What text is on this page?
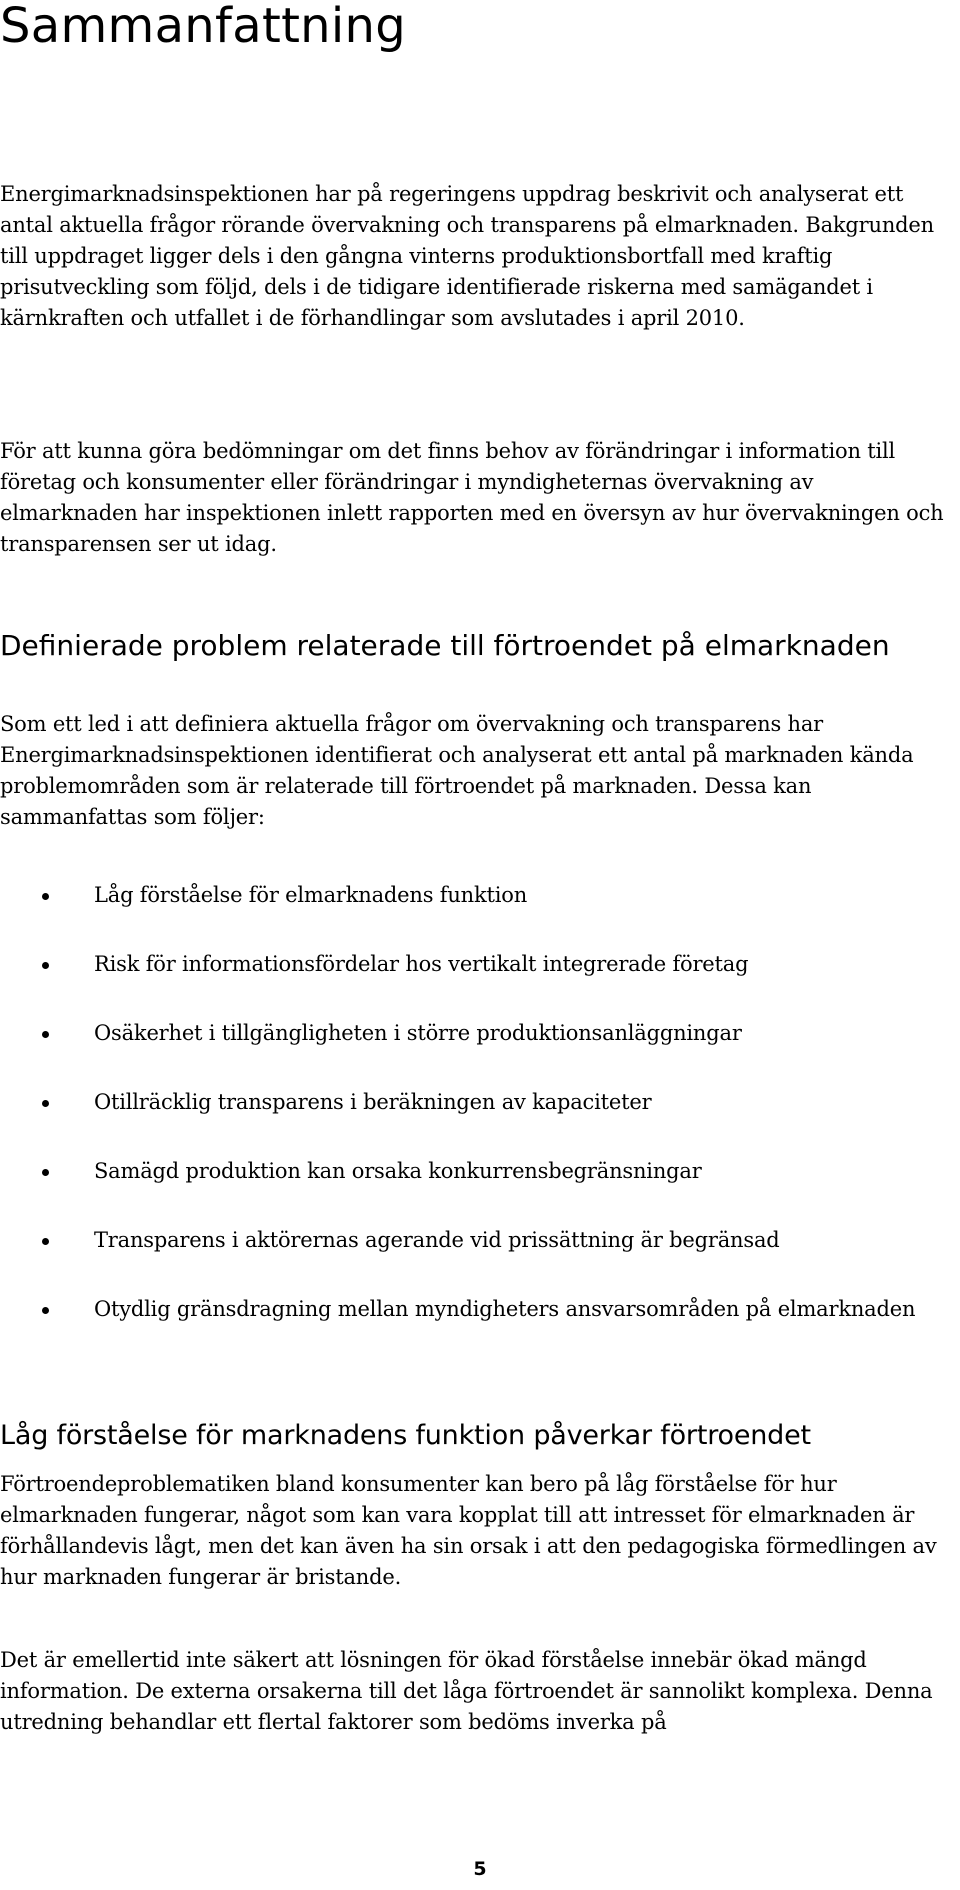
Sammanfattning

Energimarknadsinspektionen har på regeringens uppdrag beskrivit och analyserat ett antal aktuella frågor rörande övervakning och transparens på elmarknaden. Bakgrunden till uppdraget ligger dels i den gångna vinterns produktionsbortfall med kraftig prisutveckling som följd, dels i de tidigare identifierade riskerna med samägandet i kärnkraften och utfallet i de förhandlingar som avslutades i april 2010.

För att kunna göra bedömningar om det finns behov av förändringar i information till företag och konsumenter eller förändringar i myndigheternas övervakning av elmarknaden har inspektionen inlett rapporten med en översyn av hur övervakningen och transparensen ser ut idag.

Definierade problem relaterade till förtroendet på elmarknaden

Som ett led i att definiera aktuella frågor om övervakning och transparens har Energimarknadsinspektionen identifierat och analyserat ett antal på marknaden kända problemområden som är relaterade till förtroendet på marknaden. Dessa kan sammanfattas som följer:

Låg förståelse för elmarknadens funktion
Risk för informationsfördelar hos vertikalt integrerade företag
Osäkerhet i tillgängligheten i större produktionsanläggningar
Otillräcklig transparens i beräkningen av kapaciteter
Samägd produktion kan orsaka konkurrensbegränsningar
Transparens i aktörernas agerande vid prissättning är begränsad
Otydlig gränsdragning mellan myndigheters ansvarsområden på elmarknaden
Låg förståelse för marknadens funktion påverkar förtroendet

Förtroendeproblematiken bland konsumenter kan bero på låg förståelse för hur elmarknaden fungerar, något som kan vara kopplat till att intresset för elmarknaden är förhållandevis lågt, men det kan även ha sin orsak i att den pedagogiska förmedlingen av hur marknaden fungerar är bristande.

Det är emellertid inte säkert att lösningen för ökad förståelse innebär ökad mängd information. De externa orsakerna till det låga förtroendet är sannolikt komplexa. Denna utredning behandlar ett flertal faktorer som bedöms inverka på

5
